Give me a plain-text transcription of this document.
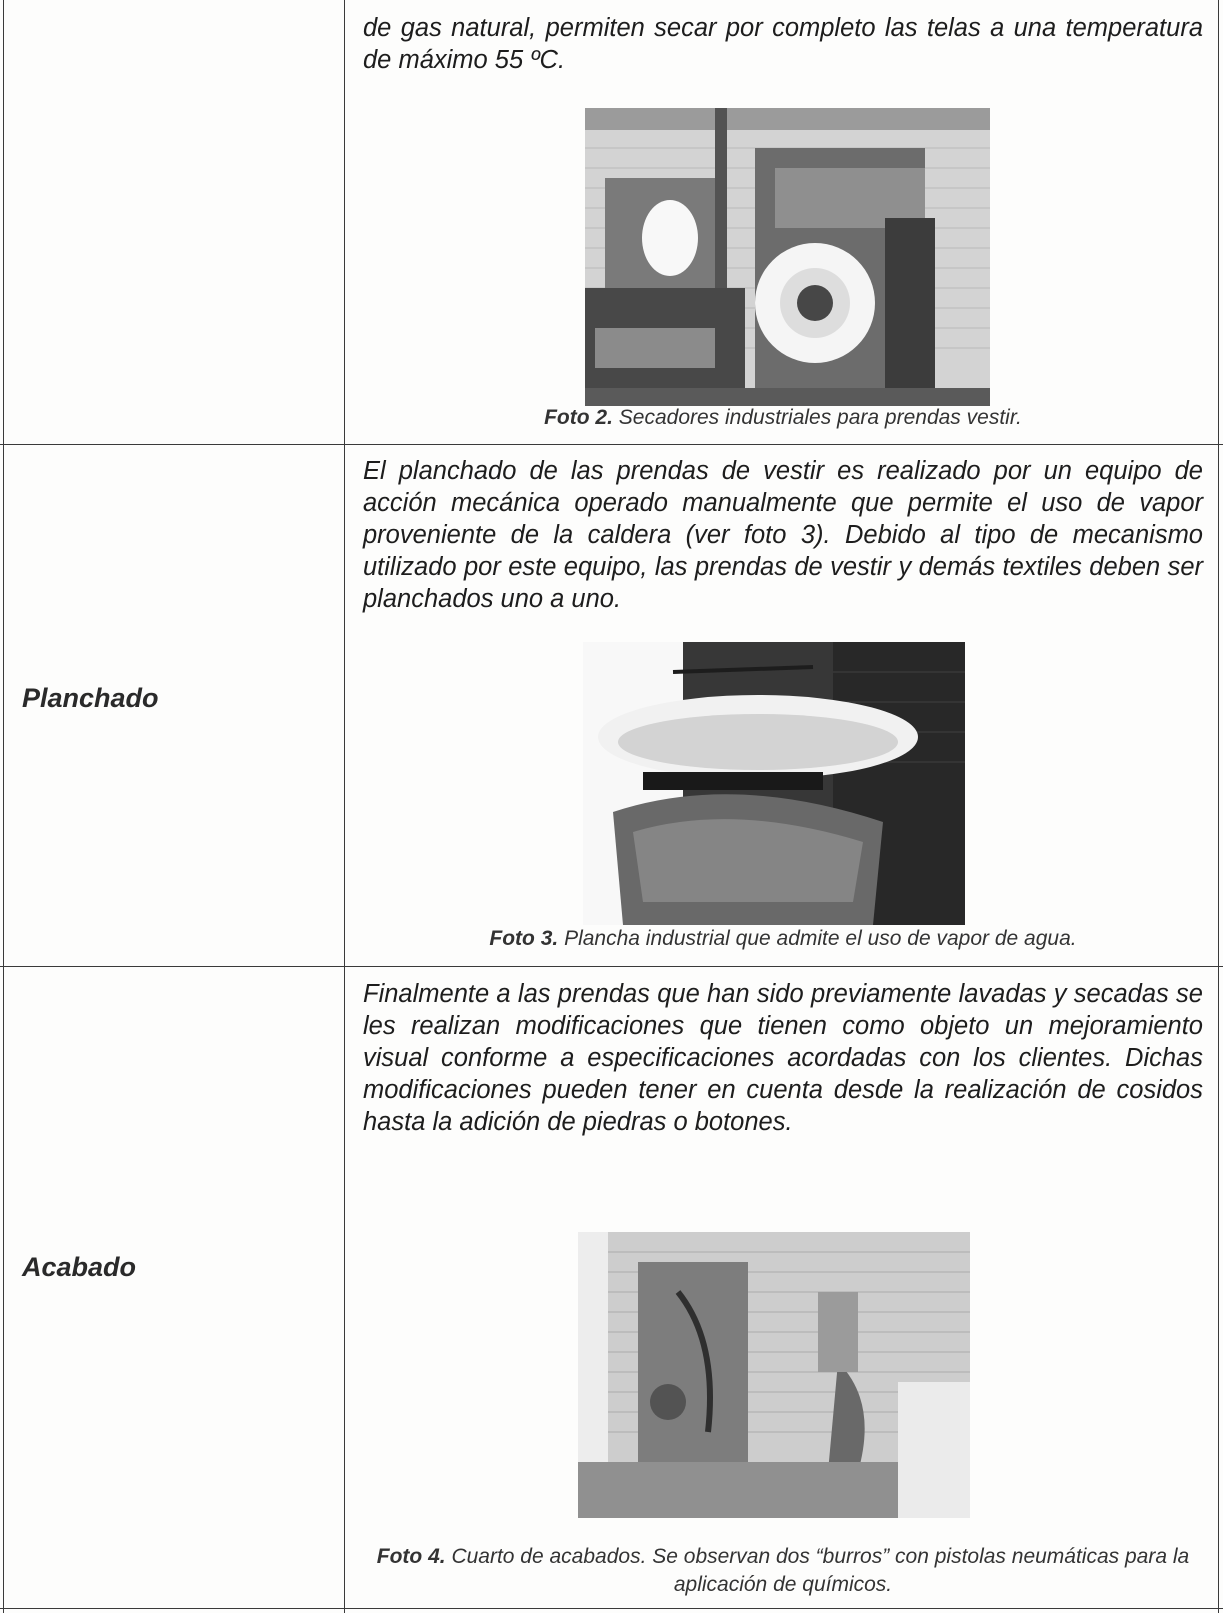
de gas natural, permiten secar por completo las telas a una temperatura de máximo 55 ºC.
Foto 2. Secadores industriales para prendas vestir.
Planchado
El planchado de las prendas de vestir es realizado por un equipo de acción mecánica operado manualmente que permite el uso de vapor proveniente de la caldera (ver foto 3). Debido al tipo de mecanismo utilizado por este equipo, las prendas de vestir y demás textiles deben ser planchados uno a uno.
Foto 3. Plancha industrial que admite el uso de vapor de agua.
Acabado
Finalmente a las prendas que han sido previamente lavadas y secadas se les realizan modificaciones que tienen como objeto un mejoramiento visual conforme a especificaciones acordadas con los clientes. Dichas modificaciones pueden tener en cuenta desde la realización de cosidos hasta la adición de piedras o botones.
Foto 4. Cuarto de acabados. Se observan dos “burros” con pistolas neumáticas para la aplicación de químicos.
